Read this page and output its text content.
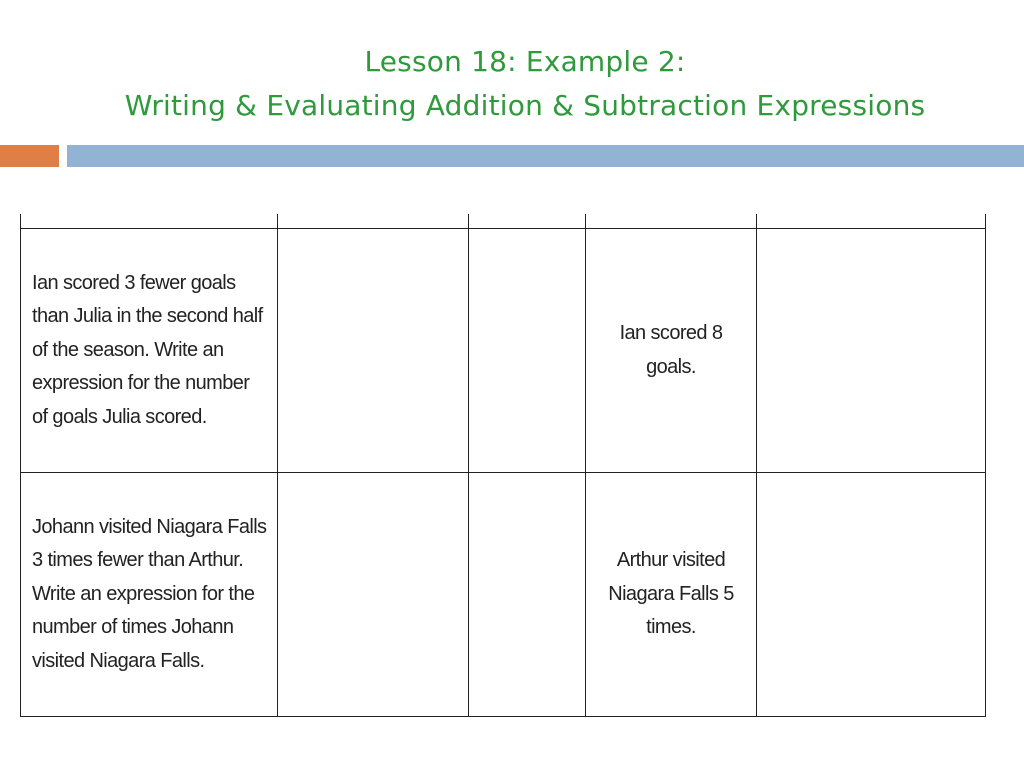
Lesson 18: Example 2:
Writing & Evaluating Addition & Subtraction Expressions

Ian scored 3 fewer goals than Julia in the second half of the season. Write an expression for the number of goals Julia scored.			Ian scored 8 goals.	
Johann visited Niagara Falls 3 times fewer than Arthur. Write an expression for the number of times Johann visited Niagara Falls.			Arthur visited Niagara Falls 5 times.	
